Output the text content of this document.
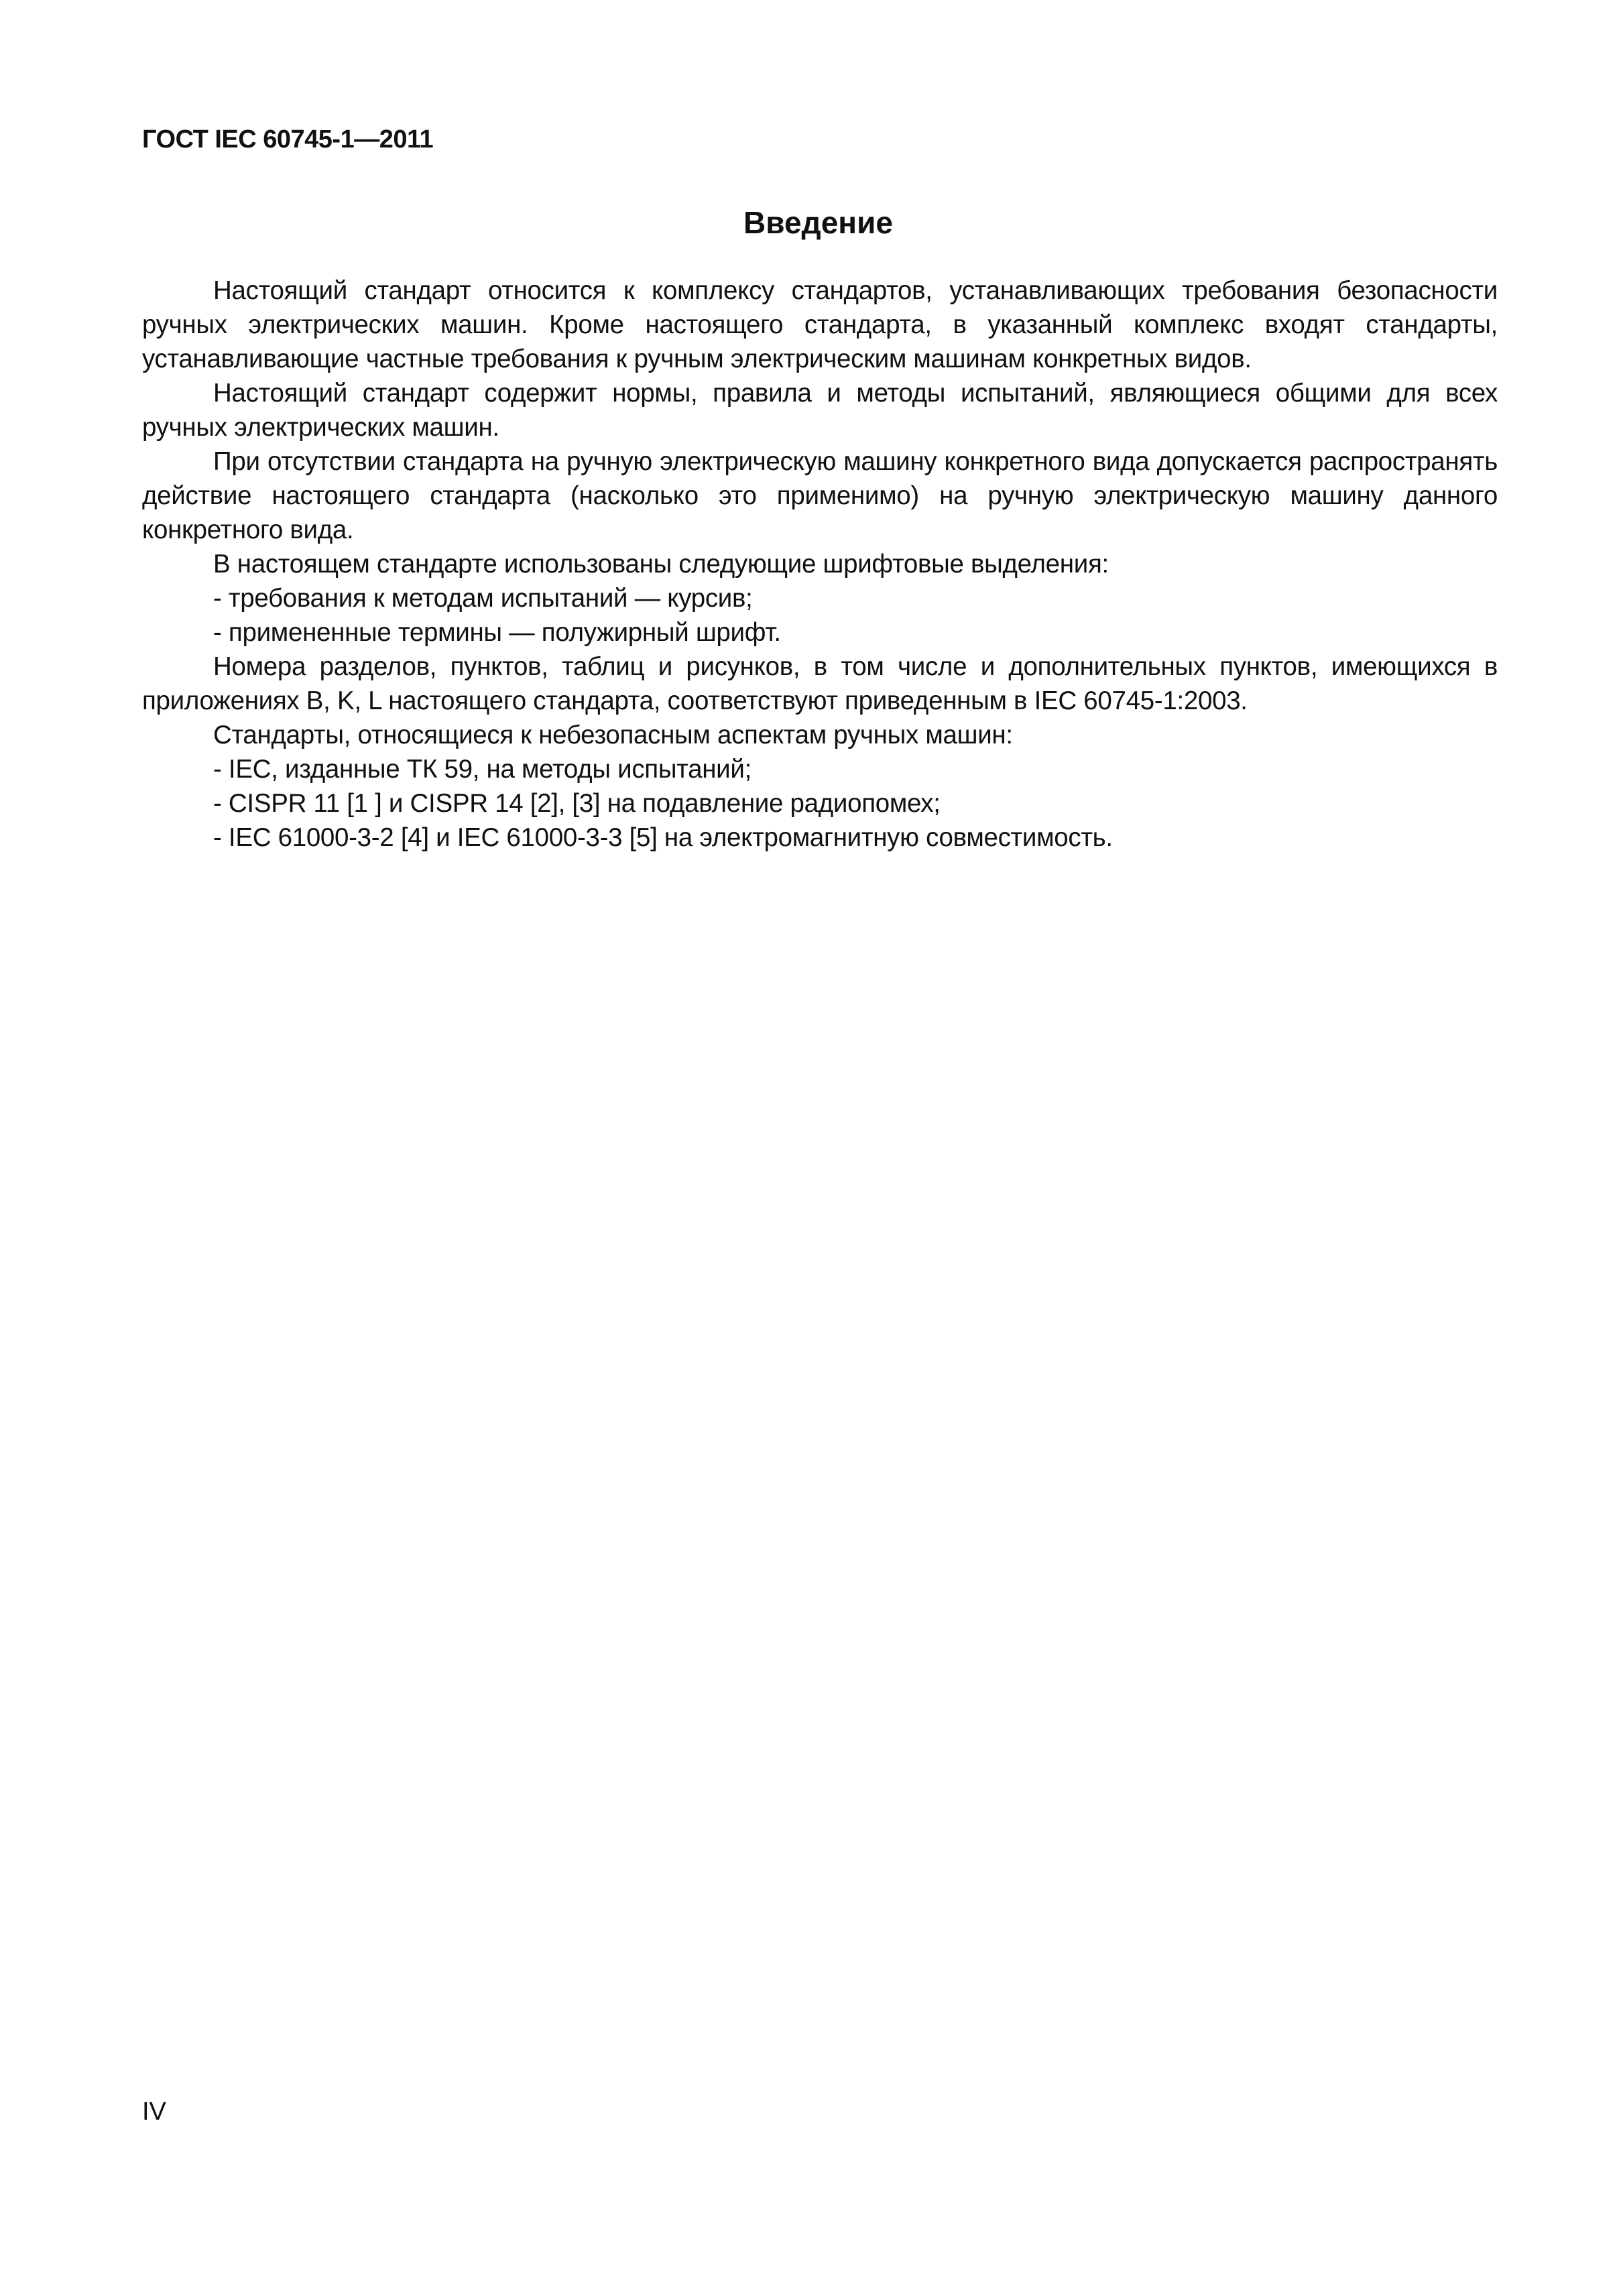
ГОСТ IEC 60745-1—2011
Введение

Настоящий стандарт относится к комплексу стандартов, устанавливающих требования безопасности ручных электрических машин. Кроме настоящего стандарта, в указанный комплекс входят стандарты, устанавливающие частные требования к ручным электрическим машинам конкретных видов.

Настоящий стандарт содержит нормы, правила и методы испытаний, являющиеся общими для всех ручных электрических машин.

При отсутствии стандарта на ручную электрическую машину конкретного вида допускается распространять действие настоящего стандарта (насколько это применимо) на ручную электрическую машину данного конкретного вида.

В настоящем стандарте использованы следующие шрифтовые выделения:

- требования к методам испытаний — курсив;

- примененные термины — полужирный шрифт.

Номера разделов, пунктов, таблиц и рисунков, в том числе и дополнительных пунктов, имеющихся в приложениях B, K, L настоящего стандарта, соответствуют приведенным в IEC 60745-1:2003.

Стандарты, относящиеся к небезопасным аспектам ручных машин:

- IEC, изданные ТК 59, на методы испытаний;

- CISPR 11 [1 ] и CISPR 14 [2], [3] на подавление радиопомех;

- IEC 61000-3-2 [4] и IEC 61000-3-3 [5] на электромагнитную совместимость.

IV
